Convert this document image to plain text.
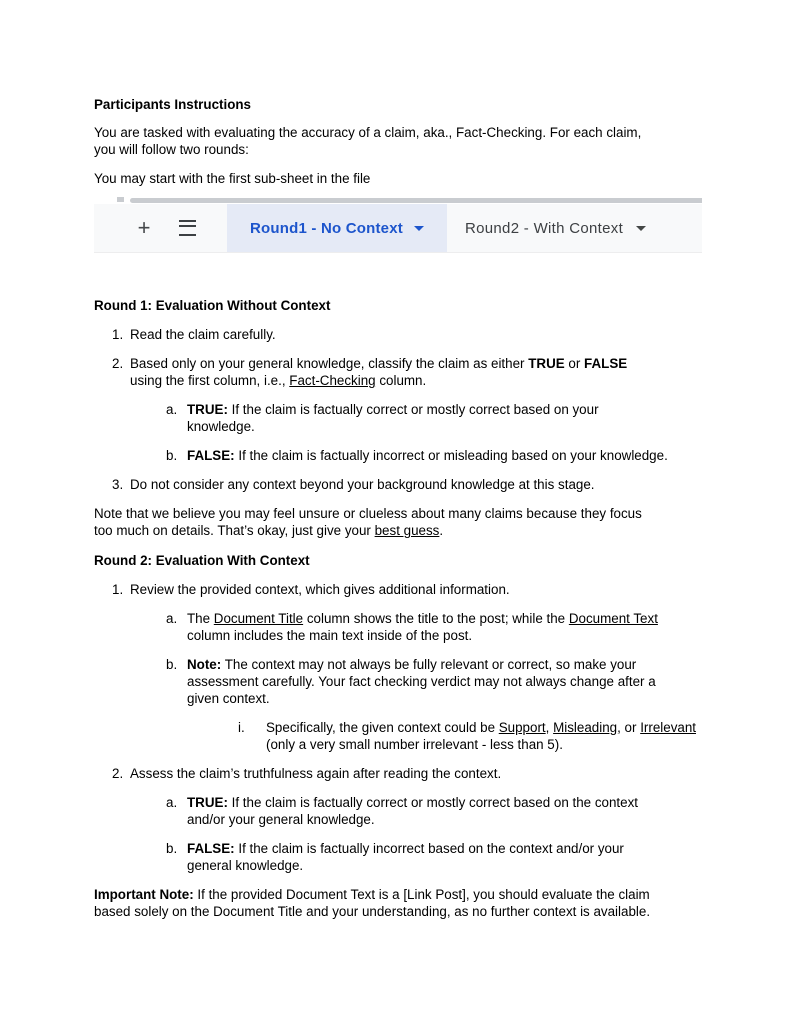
Participants Instructions
You are tasked with evaluating the accuracy of a claim, aka., Fact-Checking. For each claim,
you will follow two rounds:
You may start with the first sub-sheet in the file
+	Round1 - No Context	Round2 - With Context
Round 1: Evaluation Without Context
1. Read the claim carefully.
2. Based only on your general knowledge, classify the claim as either TRUE or FALSE
using the first column, i.e., Fact-Checking column.
a. TRUE: If the claim is factually correct or mostly correct based on your
knowledge.
b. FALSE: If the claim is factually incorrect or misleading based on your knowledge.
3. Do not consider any context beyond your background knowledge at this stage.
Note that we believe you may feel unsure or clueless about many claims because they focus
too much on details. That’s okay, just give your best guess.
Round 2: Evaluation With Context
1. Review the provided context, which gives additional information.
a. The Document Title column shows the title to the post; while the Document Text
column includes the main text inside of the post.
b. Note: The context may not always be fully relevant or correct, so make your
assessment carefully. Your fact checking verdict may not always change after a
given context.
i.	Specifically, the given context could be Support, Misleading, or Irrelevant
(only a very small number irrelevant - less than 5).
2. Assess the claim’s truthfulness again after reading the context.
a. TRUE: If the claim is factually correct or mostly correct based on the context
and/or your general knowledge.
b. FALSE: If the claim is factually incorrect based on the context and/or your
general knowledge.
Important Note: If the provided Document Text is a [Link Post], you should evaluate the claim
based solely on the Document Title and your understanding, as no further context is available.
